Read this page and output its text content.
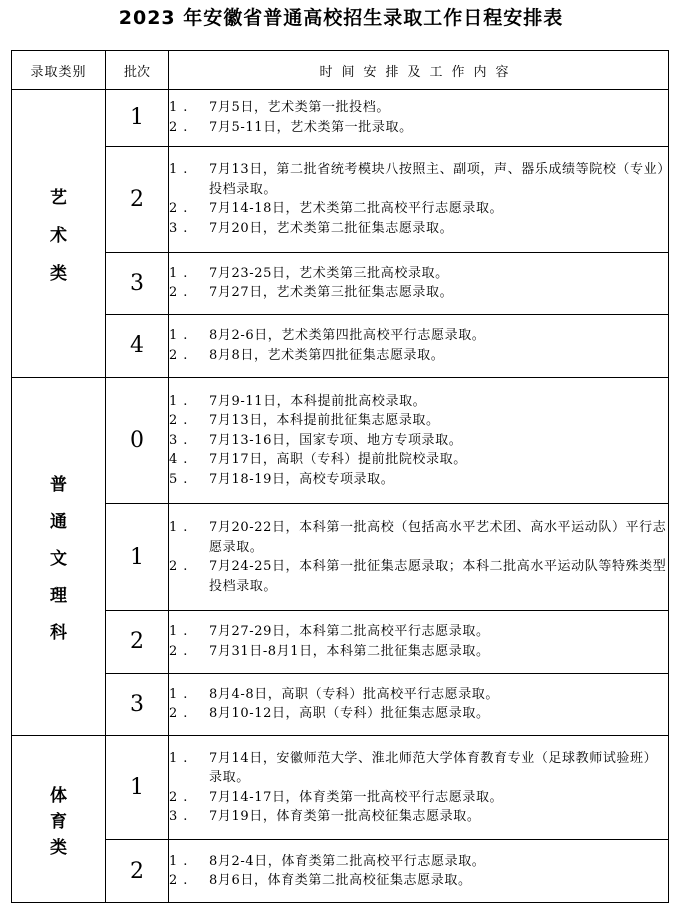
2023 年安徽省普通高校招生录取工作日程安排表
录取类别	批次	时间安排及工作内容

艺
术
类	1	1. 7月5日，艺术类第一批投档。
2. 7月5-11日，艺术类第一批录取。

	2	1. 7月13日，第二批省统考模块八按照主、副项，声、器乐成绩等院校（专业）投档录取。
2. 7月14-18日，艺术类第二批高校平行志愿录取。
3. 7月20日，艺术类第二批征集志愿录取。

	3	1. 7月23-25日，艺术类第三批高校录取。
2. 7月27日，艺术类第三批征集志愿录取。

	4	1. 8月2-6日，艺术类第四批高校平行志愿录取。
2. 8月8日，艺术类第四批征集志愿录取。

普
通
文
理
科	0	1. 7月9-11日，本科提前批高校录取。
2. 7月13日，本科提前批征集志愿录取。
3. 7月13-16日，国家专项、地方专项录取。
4. 7月17日，高职（专科）提前批院校录取。
5. 7月18-19日，高校专项录取。

	1	1. 7月20-22日，本科第一批高校（包括高水平艺术团、高水平运动队）平行志愿录取。
2. 7月24-25日，本科第一批征集志愿录取；本科二批高水平运动队等特殊类型投档录取。

	2	1. 7月27-29日，本科第二批高校平行志愿录取。
2. 7月31日-8月1日，本科第二批征集志愿录取。

	3	1. 8月4-8日，高职（专科）批高校平行志愿录取。
2. 8月10-12日，高职（专科）批征集志愿录取。

体
育
类	1	1. 7月14日，安徽师范大学、淮北师范大学体育教育专业（足球教师试验班）录取。
2. 7月14-17日，体育类第一批高校平行志愿录取。
3. 7月19日，体育类第一批高校征集志愿录取。

	2	1. 8月2-4日，体育类第二批高校平行志愿录取。
2. 8月6日，体育类第二批高校征集志愿录取。
